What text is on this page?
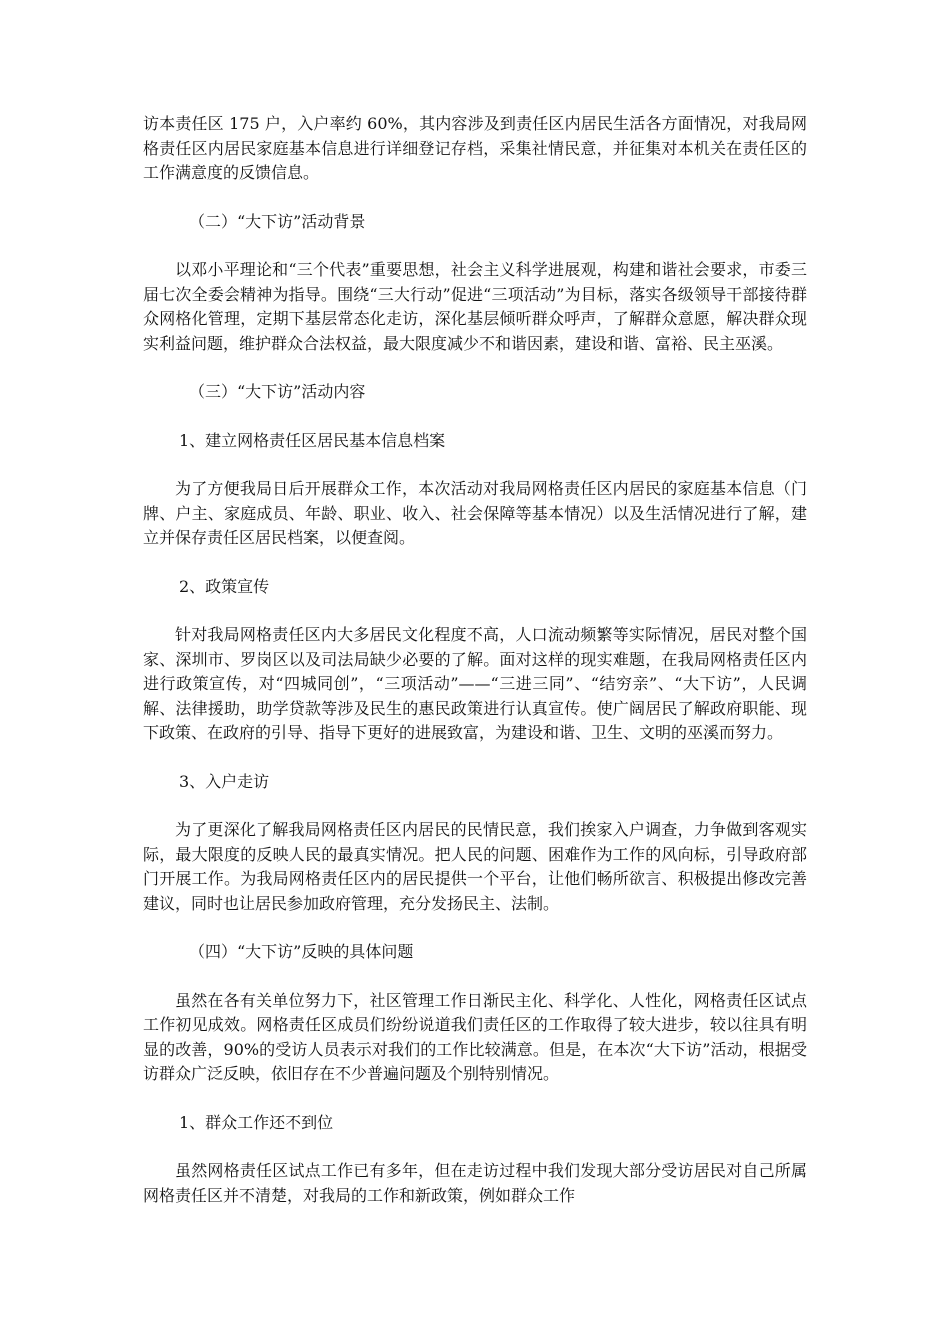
访本责任区 175 户，入户率约 60%，其内容涉及到责任区内居民生活各方面情况，对我局网格责任区内居民家庭基本信息进行详细登记存档，采集社情民意，并征集对本机关在责任区的工作满意度的反馈信息。

（二）“大下访”活动背景

以邓小平理论和“三个代表”重要思想，社会主义科学进展观，构建和谐社会要求，市委三届七次全委会精神为指导。围绕“三大行动”促进“三项活动”为目标，落实各级领导干部接待群众网格化管理，定期下基层常态化走访，深化基层倾听群众呼声，了解群众意愿，解决群众现实利益问题，维护群众合法权益，最大限度减少不和谐因素，建设和谐、富裕、民主巫溪。

（三）“大下访”活动内容

1、建立网格责任区居民基本信息档案

为了方便我局日后开展群众工作，本次活动对我局网格责任区内居民的家庭基本信息（门牌、户主、家庭成员、年龄、职业、收入、社会保障等基本情况）以及生活情况进行了解，建立并保存责任区居民档案，以便查阅。

2、政策宣传

针对我局网格责任区内大多居民文化程度不高，人口流动频繁等实际情况，居民对整个国家、深圳市、罗岗区以及司法局缺少必要的了解。面对这样的现实难题，在我局网格责任区内进行政策宣传，对“四城同创”，“三项活动”——“三进三同”、“结穷亲”、“大下访”，人民调解、法律援助，助学贷款等涉及民生的惠民政策进行认真宣传。使广阔居民了解政府职能、现下政策、在政府的引导、指导下更好的进展致富，为建设和谐、卫生、文明的巫溪而努力。

3、入户走访

为了更深化了解我局网格责任区内居民的民情民意，我们挨家入户调查，力争做到客观实际，最大限度的反映人民的最真实情况。把人民的问题、困难作为工作的风向标，引导政府部门开展工作。为我局网格责任区内的居民提供一个平台，让他们畅所欲言、积极提出修改完善建议，同时也让居民参加政府管理，充分发扬民主、法制。

（四）“大下访”反映的具体问题

虽然在各有关单位努力下，社区管理工作日渐民主化、科学化、人性化，网格责任区试点工作初见成效。网格责任区成员们纷纷说道我们责任区的工作取得了较大进步，较以往具有明显的改善，90%的受访人员表示对我们的工作比较满意。但是，在本次“大下访”活动，根据受访群众广泛反映，依旧存在不少普遍问题及个别特别情况。

1、群众工作还不到位

虽然网格责任区试点工作已有多年，但在走访过程中我们发现大部分受访居民对自己所属网格责任区并不清楚，对我局的工作和新政策，例如群众工作
